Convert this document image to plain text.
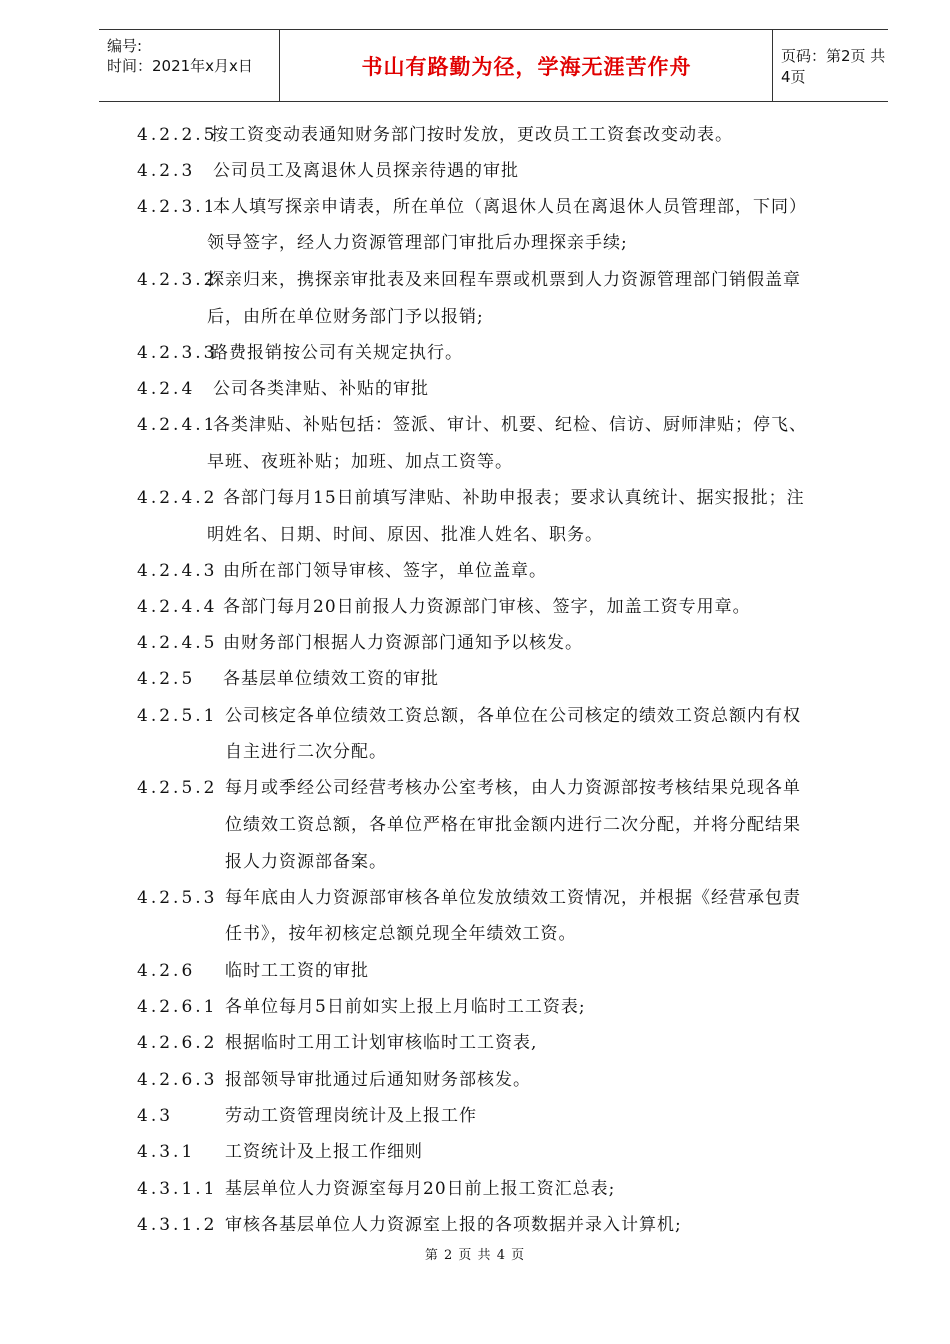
编号:
时间：2021年x月x日	书山有路勤为径，学海无涯苦作舟	页码：第2页 共4页
4.2.2.5按工资变动表通知财务部门按时发放，更改员工工资套改变动表。
4.2.3 公司员工及离退休人员探亲待遇的审批
4.2.3.1本人填写探亲申请表，所在单位（离退休人员在离退休人员管理部，下同）
领导签字，经人力资源管理部门审批后办理探亲手续;
4.2.3.2探亲归来，携探亲审批表及来回程车票或机票到人力资源管理部门销假盖章
后，由所在单位财务部门予以报销;
4.2.3.3路费报销按公司有关规定执行。
4.2.4 公司各类津贴、补贴的审批
4.2.4.1各类津贴、补贴包括：签派、审计、机要、纪检、信访、厨师津贴；停飞、
早班、夜班补贴；加班、加点工资等。
4.2.4.2 各部门每月15日前填写津贴、补助申报表；要求认真统计、据实报批；注
明姓名、日期、时间、原因、批准人姓名、职务。
4.2.4.3 由所在部门领导审核、签字，单位盖章。
4.2.4.4 各部门每月20日前报人力资源部门审核、签字，加盖工资专用章。
4.2.4.5 由财务部门根据人力资源部门通知予以核发。
4.2.5 各基层单位绩效工资的审批
4.2.5.1 公司核定各单位绩效工资总额，各单位在公司核定的绩效工资总额内有权
自主进行二次分配。
4.2.5.2 每月或季经公司经营考核办公室考核，由人力资源部按考核结果兑现各单
位绩效工资总额，各单位严格在审批金额内进行二次分配，并将分配结果
报人力资源部备案。
4.2.5.3 每年底由人力资源部审核各单位发放绩效工资情况，并根据《经营承包责
任书》，按年初核定总额兑现全年绩效工资。
4.2.6 临时工工资的审批
4.2.6.1 各单位每月5日前如实上报上月临时工工资表;
4.2.6.2 根据临时工用工计划审核临时工工资表,
4.2.6.3 报部领导审批通过后通知财务部核发。
4.3	劳动工资管理岗统计及上报工作
4.3.1 工资统计及上报工作细则
4.3.1.1 基层单位人力资源室每月20日前上报工资汇总表;
4.3.1.2 审核各基层单位人力资源室上报的各项数据并录入计算机;
第 2 页 共 4 页
